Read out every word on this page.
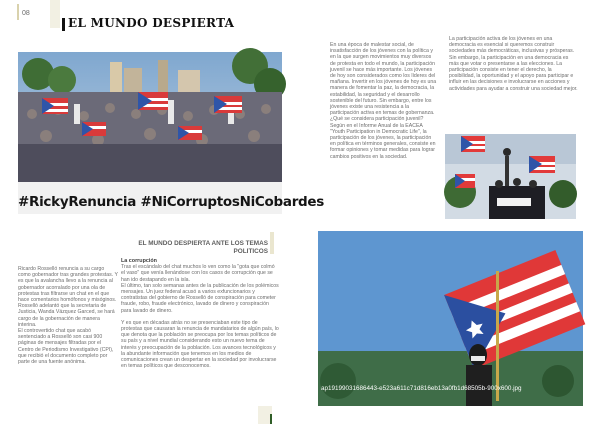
08
EL MUNDO DESPIERTA
#RickyRenuncia #NiCorruptosNiCobardes

En una época de malestar social, de insatisfacción de los jóvenes con la política y en la que surgen movimientos muy diversos de protesta en todo el mundo, la participación juvenil se hace más importante. Los jóvenes de hoy son considerados como los líderes del mañana. Invertir en los jóvenes de hoy es una manera de fomentar la paz, la democracia, la estabilidad, la seguridad y el desarrollo sostenible del futuro. Sin embargo, entre los jóvenes existe una resistencia a la participación activa en temas de gobernanza.

¿Qué se considera participación juvenil? Según en el Informe Anual de la EACEA "Youth Participation in Democratic Life", la participación de los jóvenes, la participación en política en términos generales, consiste en formar opiniones y tomar medidas para lograr cambios positivos en la sociedad.

La participación activa de los jóvenes en una democracia es esencial si queremos construir sociedades más democráticas, inclusivas y prósperas. Sin embargo, la participación en una democracia es más que votar o presentarse a las elecciones. La participación consiste en tener el derecho, la posibilidad, la oportunidad y el apoyo para participar e influir en las decisiones e involucrarse en acciones y actividades para ayudar a construir una sociedad mejor.

EL MUNDO DESPIERTA ANTE LOS TEMAS POLITICOS

Ricardo Rosselló renuncia a su cargo como gobernador tras grandes protestas. Y es que la avalancha llevo a la renuncia al gobernador acorralado por una ola de protestas tras filtrarse un chat en el que hace comentarios homófonos y misóginos. Rosselló adelantó que la secretaria de Justicia, Wanda Vázquez Garced, se hará cargo de la gobernación de manera interina.

El controvertido chat que acabó sentenciado a Rosselló son casi 900 páginas de mensajes filtradas por el Centro de Periodismo Investigativo (CPI), que recibió el documento completo por parte de una fuente anónima.

La corrupción

Tras el escándalo del chat muchos lo ven como la "gota que colmó el vaso" que venía llenándose con los casos de corrupción que se han ido destapando en la isla.

El último, tan solo semanas antes de la publicación de los polémicos mensajes. Un juez federal acusó a varios exfuncionarios y contratistas del gobierno de Rosselló de conspiración para cometer fraude, robo, fraude electrónico, lavado de dinero y conspiración para lavado de dinero.

Y es que en décadas atrás no se presenciaban este tipo de protestas que causaran la renuncia de mandatarios de algún país, lo que denota que la población se preocupa por los temas políticos de su país y a nivel mundial considerando esto un nuevo tema de interés y preocupación de la población. Los avances tecnológicos y la abundante información que tenemos en los medios de comunicaciones crean un despertar en la sociedad por involucrarse en temas políticos que desconocemos.

ap19199031686443-e523a611c71d816eb13a0fb1d68505b-900x600.jpg
